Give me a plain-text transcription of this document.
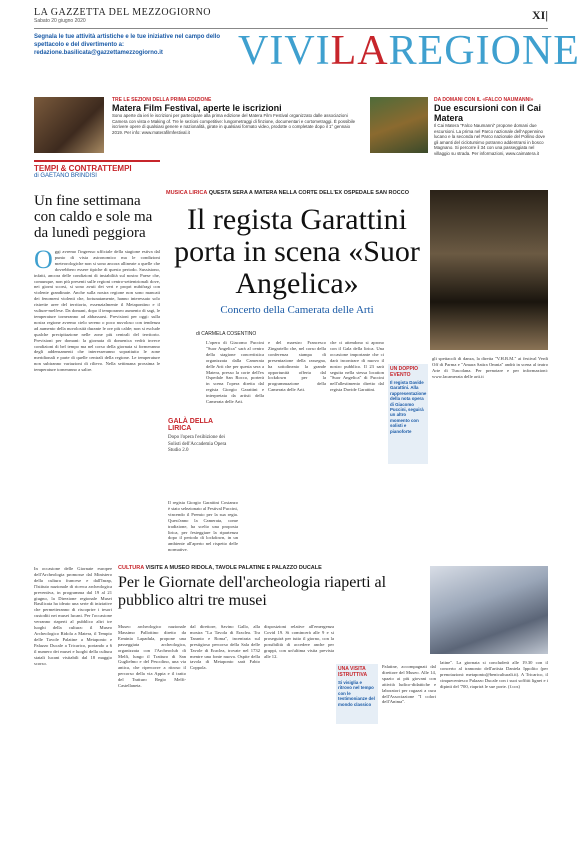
LA GAZZETTA DEL MEZZOGIORNO
Sabato 20 giugno 2020	XI|
Segnala le tue attività artistiche e le tue iniziative nel campo dello spettacolo e del divertimento a: redazione.basilicata@gazzettamezzogiorno.it	VIVILAREGIONE
TRE LE SEZIONI DELLA PRIMA EDIZIONE
Matera Film Festival, aperte le iscrizioni
Sono aperte da ieri le iscrizioni per partecipare alla prima edizione del Matera Film Festival organizzato dalle associazioni Camera con vista e Making of. Tre le sezioni competitive: lungometraggi di finzione, documentari e cortometraggi. È possibile iscrivere opere di qualsiasi genere e nazionalità, girate in qualsiasi formato video, prodotte o completate dopo il 1° gennaio 2019. Per info: www.materafilmfestival.it
DA DOMANI CON IL «FALCO NAUMANNI»
Due escursioni con il Cai Matera
Il Cai Matera "Falco Naumanni" propone domani due escursioni. La prima nel Parco nazionale dell'Appennino lucano e la seconda nel Parco nazionale del Pollino dove gli amanti del ciclotursimo potranno addentrarsi in bosco Magnano. Si percorre il 34 con una passeggiata nel villaggio su strada. Per informazioni, www.caimatera.it
TEMPI & CONTRATTEMPI
di GAETANO BRINDISI
Un fine settimana con caldo e sole ma da lunedì peggiora
Oggi avremo l'ingresso ufficiale della stagione estiva dal punto di vista astronomico ma le condizioni meteorologiche non si sono ancora allineate a quelle che dovrebbero essere tipiche di questo periodo. Sussistono, infatti, ancora delle condizioni di instabilità sul nostro Paese che, comunque, non più presenti sulle regioni centro-settentrionali dove, nei giorni scorsi, si sono avuti dei veri e propri nubifragi con violente grandinate. Anche sulla nostra regione non sono mancati dei fenomeni violenti che, fortunatamente, hanno interessato solo ristrette aree del territorio, essenzialmente il Metapontino e il vulture-melfese. Da domani, dopo il temporaneo aumento di sagi, le temperature torneranno ad abbassarsi. Previsioni per oggi: sulla nostra regione avremo cielo sereno o poco nuvoloso con tendenza ad aumento della nuvolosità durante le ore più calde; non si esclude qualche precipitazione nelle zone più centrali del territorio. Previsioni per domani: la giornata di domenica vedrà invece condizioni di bel tempo ma nel corso della giornata si formeranno degli addensamenti che interesseranno soprattutto le zone meridionali e parte di quelle centrali della regione. Le temperature non subiranno variazioni di rilievo. Nella settimana prossima le temperature torneranno a salire.
MUSICA LIRICA QUESTA SERA A MATERA NELLA CORTE DELL'EX OSPEDALE SAN ROCCO
Il regista Garattini porta in scena «Suor Angelica»
Concerto della Camerata delle Arti
di CARMELA COSENTINO
L'opera di Giacomo Puccini "Suor Angelica" sarà al centro della stagione concertistica organizzata dalla Camerata delle Arti che per questa sera a Matera, presso la corte dell'ex Ospedale San Rocco, porterà in scena l'opera diretta dal regista Giorgio Garattini e interpretata da artisti della Camerata delle Arti.
Il regista Giorgio Garattini Costanzo è stato selezionato al Festival Puccini, vincendo il Premio per la sua regia. Quest'anno la Camerata, come tradizione, ha scelto una proposta lirica, per festeggiare la ripartenza dopo il periodo di lockdown, in un ambiente all'aperto nel rispetto delle normative.
GALÀ DELLA LIRICA
Dopo l'opera l'esibizione dei Solisti dell'Accademia Opera Studio 2.0
e del maestro Francesco Zingariello che, nel corso della conferenza stampa di presentazione della rassegna, ha sottolineato la grande opportunità offerta dal lockdown per la programmazione della Camerata delle Arti.
che ci attendono si aprono con il Gala della lirica. Una occasione importante che ci darà incontrare di nuovo il nostro pubblico. Il 23 sarà seguita nella stessa location "Suor Angelica" di Puccini nell'allestimento diretto dal regista Davide Garattini.
UN DOPPIO EVENTO
Il regista Davide Garattini. Alla rappresentazione della nota opera di Giacomo Puccini, seguirà un altro momento con solisti e pianoforte
gli spettacoli di danza, la diretta "V.H.B.M." ai festival Verdi Off di Parma e "Amara Satira Omnia" andrà in scena al teatro Arte di Tuscolana. Per prenotare e per informazioni: www.lacamerata delle arti.it
CULTURA VISITE A MUSEO RIDOLA, TAVOLE PALATINE E PALAZZO DUCALE
Per le Giornate dell'archeologia riaperti al pubblico altri tre musei
In occasione delle Giornate europee dell'Archeologia promosse dal Ministero della cultura francese e dall'Inrap, l'Istituto nazionale di ricerca archeologica preventiva, in programma dal 19 al 21 giugno, la Direzione regionale Musei Basilicata ha ideato una serie di iniziative che permetteranno di riscoprire i tesori custoditi nei musei lucani. Per l'occasione verranno riaperti al pubblico altri tre luoghi della cultura: il Museo Archeologico Ridola a Matera, il Tempio delle Tavole Palatine a Metaponto e Palazzo Ducale a Tricarico, portando a 6 il numero dei musei e luoghi della cultura statali lucani visitabili dal 18 maggio scorso.
Museo archeologico nazionale Massimo Pallottino diretto da Erminia Lapadula, propone una passeggiata archeologica, organizzata con l'Archeoclub di Melfi, lungo il Tratturo di San Guglielmo e del Pescolino, una via antica, che ripercorre a ritroso il percorso della via Appia e il tratto del Tratturo Regio Melfi-Castellaneta.
dal direttore, Savino Gallo, alla mostra "La Tavola di Eraclea. Tra Taranto e Roma", incentrata sul prestigioso percorso della Sala delle Tavole di Eraclea, trovate nel 1732 mentre una fonte nuova. Ospite della tavola di Metaponto sarà Fabio Coppola.
disposizioni relative all'emergenza Covid 19. Si comincerà alle 9 e si proseguirà per tutto il giorno, con la possibilità di accedere anche per gruppi, con un'ultima visita prevista alle 12.
UNA VISITA ISTRUTTIVA
Si visiglia e ritrovo nel tempo con le testimonianze del mondo classico
Palatine, accompagnati dal direttore del Museo. Alle 14, spazio ai più giovani con attività ludico-didattiche e laboratori per ragazzi a cura dell'Associazione "I colori dell'Anima".
latine". La giornata si concluderà alle 19.30 con il concerto al tramonto dell'artista Daniela Ippolito (per prenotazioni: metaponto@beniculturali.it). A Tricarico, il cinquecentesco Palazzo Ducale con i suoi soffitti lignei e i dipinti del '700, riaprirà le sue porte. (f.cos)
